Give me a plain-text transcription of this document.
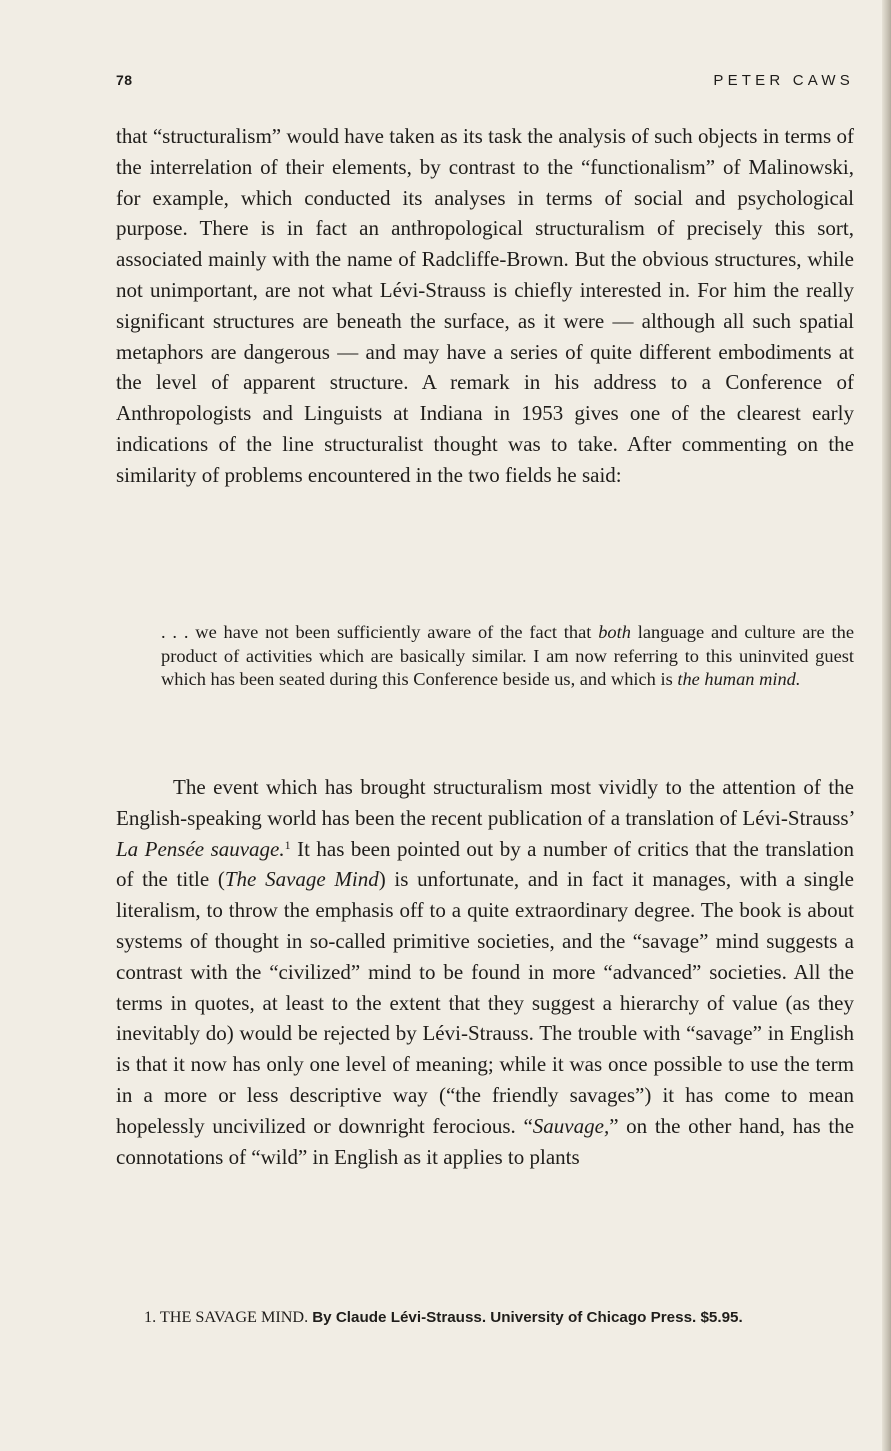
78	PETER CAWS

that “structuralism” would have taken as its task the analysis of such objects in terms of the interrelation of their elements, by contrast to the “functionalism” of Malinowski, for example, which conducted its analyses in terms of social and psychological purpose. There is in fact an anthropological structuralism of precisely this sort, associated mainly with the name of Radcliffe-Brown. But the obvious structures, while not unimportant, are not what Lévi-Strauss is chiefly interested in. For him the really significant structures are beneath the surface, as it were — although all such spatial metaphors are dangerous — and may have a series of quite different embodiments at the level of apparent structure. A remark in his address to a Conference of Anthropologists and Linguists at Indiana in 1953 gives one of the clearest early indications of the line structuralist thought was to take. After commenting on the similarity of problems encountered in the two fields he said:

. . . we have not been sufficiently aware of the fact that both language and culture are the product of activities which are basically similar. I am now referring to this uninvited guest which has been seated during this Conference beside us, and which is the human mind.

The event which has brought structuralism most vividly to the attention of the English-speaking world has been the recent publication of a translation of Lévi-Strauss’ La Pensée sauvage.$^1$ It has been pointed out by a number of critics that the translation of the title (The Savage Mind) is unfortunate, and in fact it manages, with a single literalism, to throw the emphasis off to a quite extraordinary degree. The book is about systems of thought in so-called primitive societies, and the “savage” mind suggests a contrast with the “civilized” mind to be found in more “advanced” societies. All the terms in quotes, at least to the extent that they suggest a hierarchy of value (as they inevitably do) would be rejected by Lévi-Strauss. The trouble with “savage” in English is that it now has only one level of meaning; while it was once possible to use the term in a more or less descriptive way (“the friendly savages”) it has come to mean hopelessly uncivilized or downright ferocious. “Sauvage,” on the other hand, has the connotations of “wild” in English as it applies to plants

1. THE SAVAGE MIND. By Claude Lévi-Strauss. University of Chicago Press. $5.95.
